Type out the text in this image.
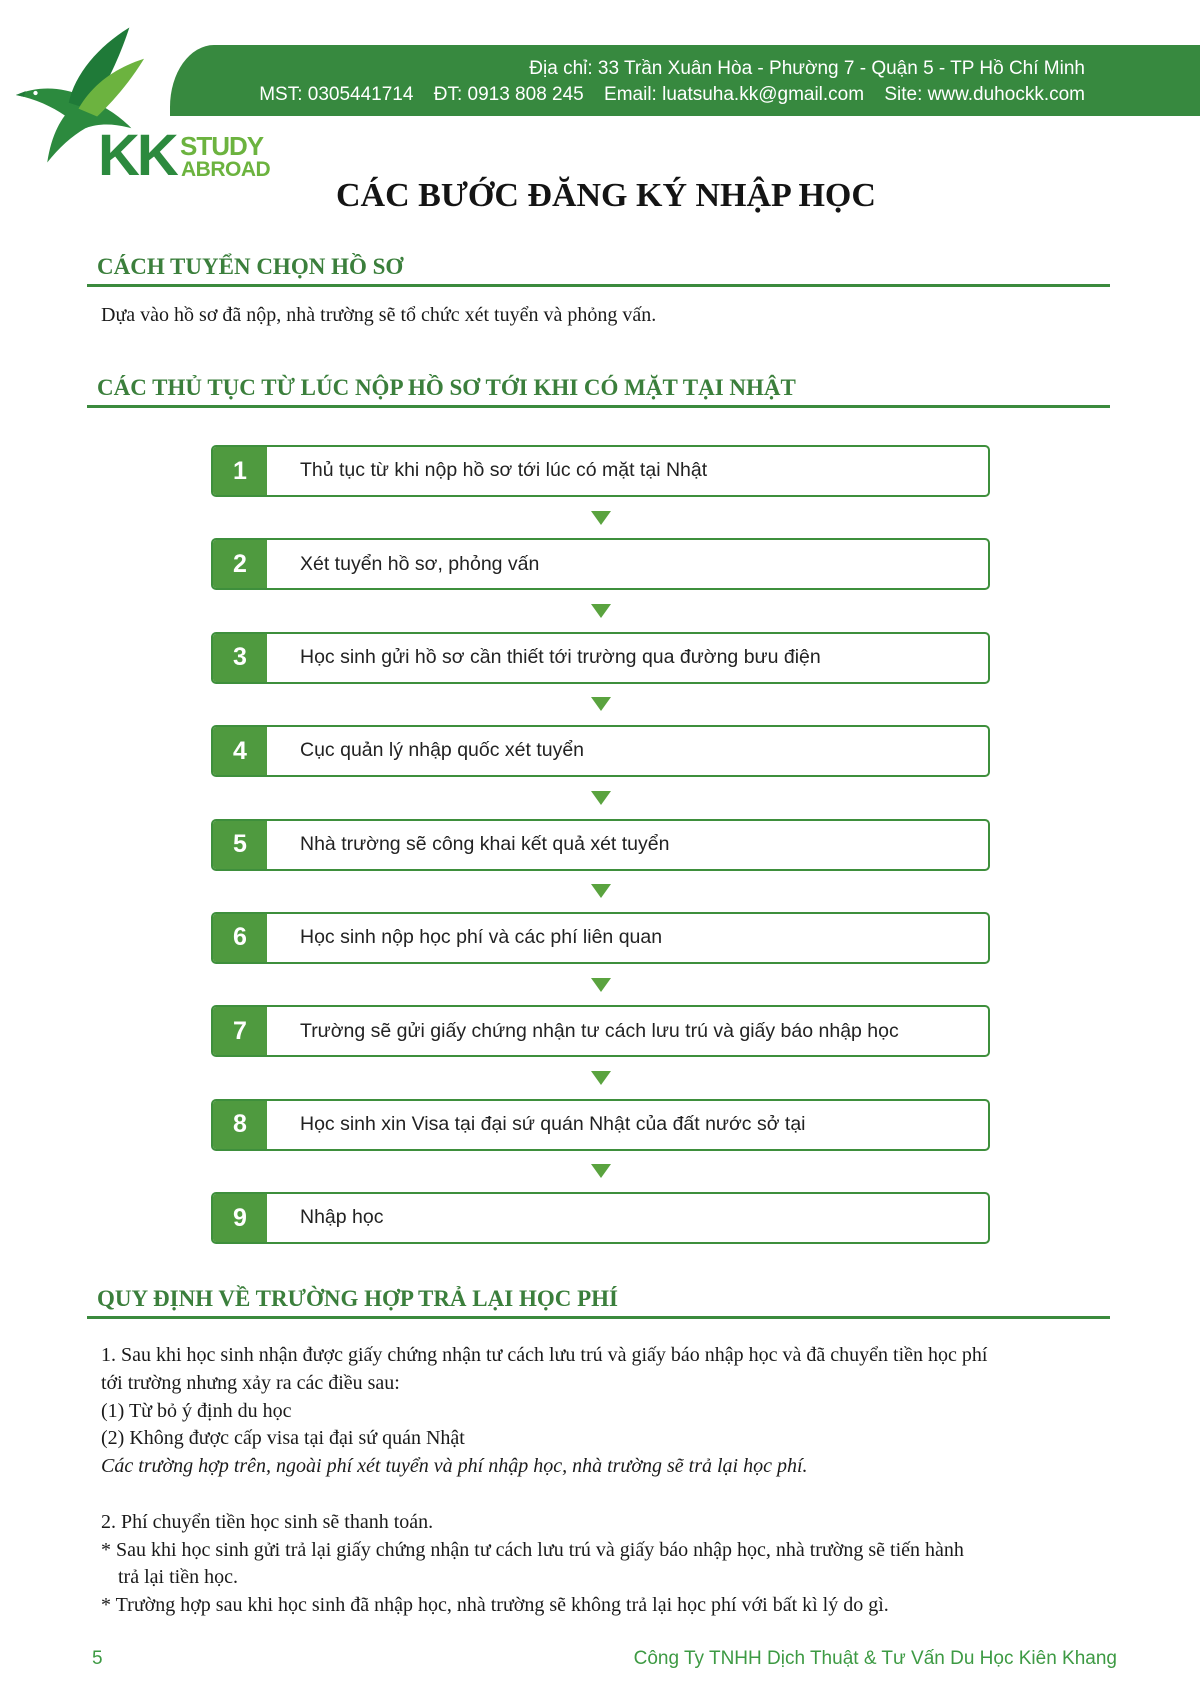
Địa chỉ: 33 Trần Xuân Hòa - Phường 7 - Quận 5 - TP Hồ Chí Minh
MST: 0305441714 ĐT: 0913 808 245 Email: luatsuha.kk@gmail.com Site: www.duhockk.com
KK STUDY
ABROAD
CÁC BƯỚC ĐĂNG KÝ NHẬP HỌC
CÁCH TUYỂN CHỌN HỒ SƠ
Dựa vào hồ sơ đã nộp, nhà trường sẽ tổ chức xét tuyển và phỏng vấn.
CÁC THỦ TỤC TỪ LÚC NỘP HỒ SƠ TỚI KHI CÓ MẶT TẠI NHẬT
1	Thủ tục từ khi nộp hồ sơ tới lúc có mặt tại Nhật
2	Xét tuyển hồ sơ, phỏng vấn
3	Học sinh gửi hồ sơ cần thiết tới trường qua đường bưu điện
4	Cục quản lý nhập quốc xét tuyển
5	Nhà trường sẽ công khai kết quả xét tuyển
6	Học sinh nộp học phí và các phí liên quan
7	Trường sẽ gửi giấy chứng nhận tư cách lưu trú và giấy báo nhập học
8	Học sinh xin Visa tại đại sứ quán Nhật của đất nước sở tại
9	Nhập học
QUY ĐỊNH VỀ TRƯỜNG HỢP TRẢ LẠI HỌC PHÍ
1. Sau khi học sinh nhận được giấy chứng nhận tư cách lưu trú và giấy báo nhập học và đã chuyển tiền học phí
tới trường nhưng xảy ra các điều sau:
(1) Từ bỏ ý định du học
(2) Không được cấp visa tại đại sứ quán Nhật
Các trường hợp trên, ngoài phí xét tuyển và phí nhập học, nhà trường sẽ trả lại học phí.
2. Phí chuyển tiền học sinh sẽ thanh toán.
* Sau khi học sinh gửi trả lại giấy chứng nhận tư cách lưu trú và giấy báo nhập học, nhà trường sẽ tiến hành
trả lại tiền học.
* Trường hợp sau khi học sinh đã nhập học, nhà trường sẽ không trả lại học phí với bất kì lý do gì.
5	Công Ty TNHH Dịch Thuật & Tư Vấn Du Học Kiên Khang
